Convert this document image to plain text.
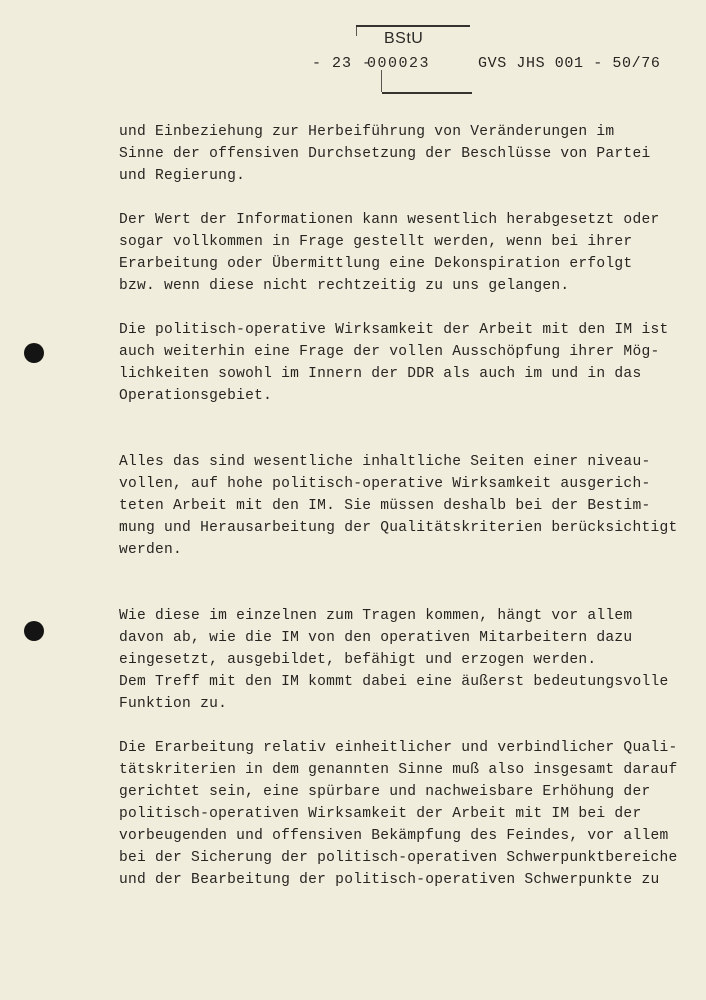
BStU
- 23 -
000023	GVS JHS 001 - 50/76
und Einbeziehung zur Herbeiführung von Veränderungen im
Sinne der offensiven Durchsetzung der Beschlüsse von Partei
und Regierung.
Der Wert der Informationen kann wesentlich herabgesetzt oder
sogar vollkommen in Frage gestellt werden, wenn bei ihrer
Erarbeitung oder Übermittlung eine Dekonspiration erfolgt
bzw. wenn diese nicht rechtzeitig zu uns gelangen.
Die politisch-operative Wirksamkeit der Arbeit mit den IM ist
auch weiterhin eine Frage der vollen Ausschöpfung ihrer Mög-
lichkeiten sowohl im Innern der DDR als auch im und in das
Operationsgebiet.
Alles das sind wesentliche inhaltliche Seiten einer niveau-
vollen, auf hohe politisch-operative Wirksamkeit ausgerich-
teten Arbeit mit den IM. Sie müssen deshalb bei der Bestim-
mung und Herausarbeitung der Qualitätskriterien berücksichtigt
werden.
Wie diese im einzelnen zum Tragen kommen, hängt vor allem
davon ab, wie die IM von den operativen Mitarbeitern dazu
eingesetzt, ausgebildet, befähigt und erzogen werden.
Dem Treff mit den IM kommt dabei eine äußerst bedeutungsvolle
Funktion zu.
Die Erarbeitung relativ einheitlicher und verbindlicher Quali-
tätskriterien in dem genannten Sinne muß also insgesamt darauf
gerichtet sein, eine spürbare und nachweisbare Erhöhung der
politisch-operativen Wirksamkeit der Arbeit mit IM bei der
vorbeugenden und offensiven Bekämpfung des Feindes, vor allem
bei der Sicherung der politisch-operativen Schwerpunktbereiche
und der Bearbeitung der politisch-operativen Schwerpunkte zu
